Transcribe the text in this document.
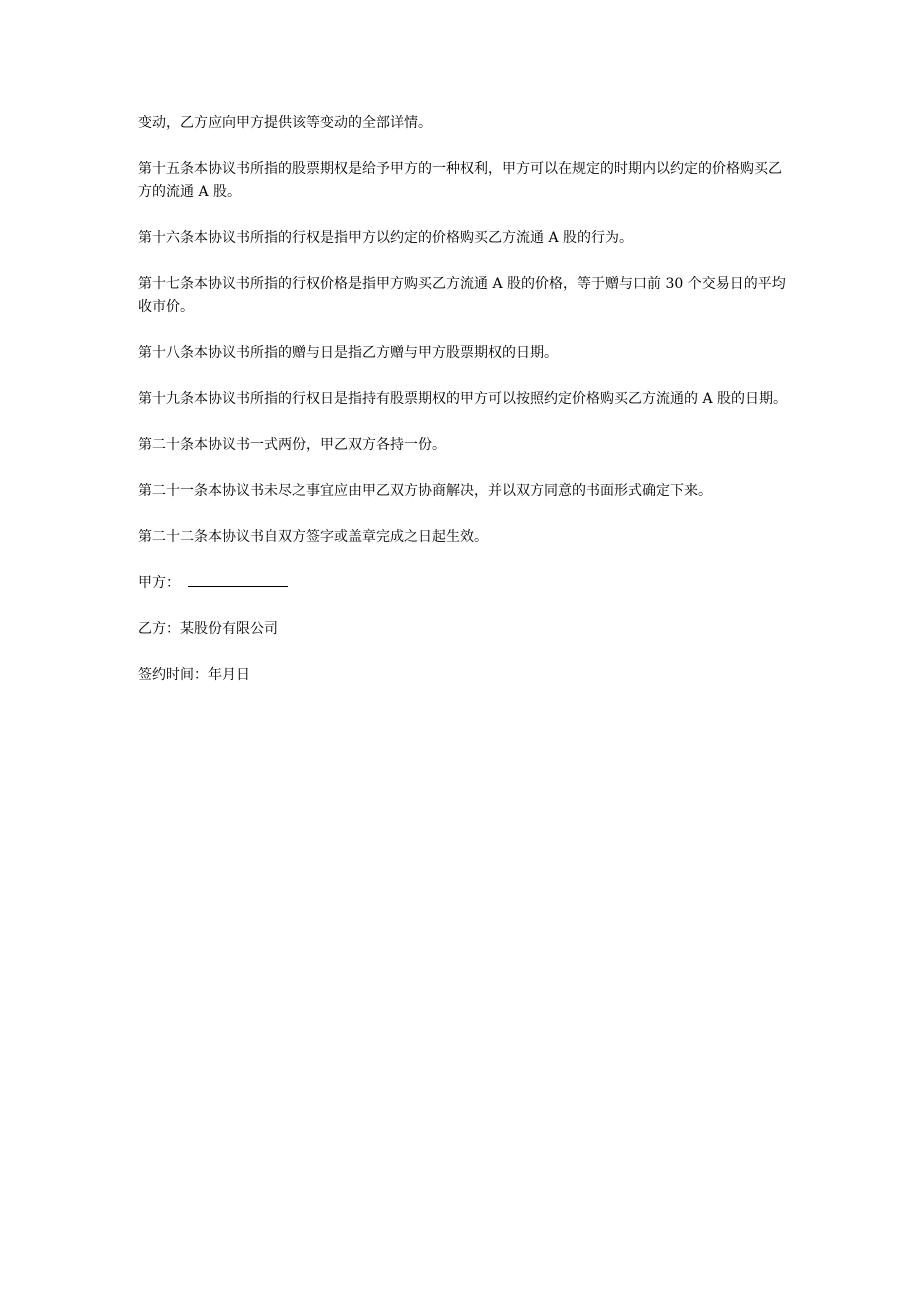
变动，乙方应向甲方提供该等变动的全部详情。

第十五条本协议书所指的股票期权是给予甲方的一种权利，甲方可以在规定的时期内以约定的价格购买乙方的流通 A 股。

第十六条本协议书所指的行权是指甲方以约定的价格购买乙方流通 A 股的行为。

第十七条本协议书所指的行权价格是指甲方购买乙方流通 A 股的价格，等于赠与口前 30 个交易日的平均收市价。

第十八条本协议书所指的赠与日是指乙方赠与甲方股票期权的日期。

第十九条本协议书所指的行权日是指持有股票期权的甲方可以按照约定价格购买乙方流通的 A 股的日期。

第二十条本协议书一式两份，甲乙双方各持一份。

第二十一条本协议书未尽之事宜应由甲乙双方协商解决，并以双方同意的书面形式确定下来。

第二十二条本协议书自双方签字或盖章完成之日起生效。

甲方：

乙方：某股份有限公司

签约时间：年月日
